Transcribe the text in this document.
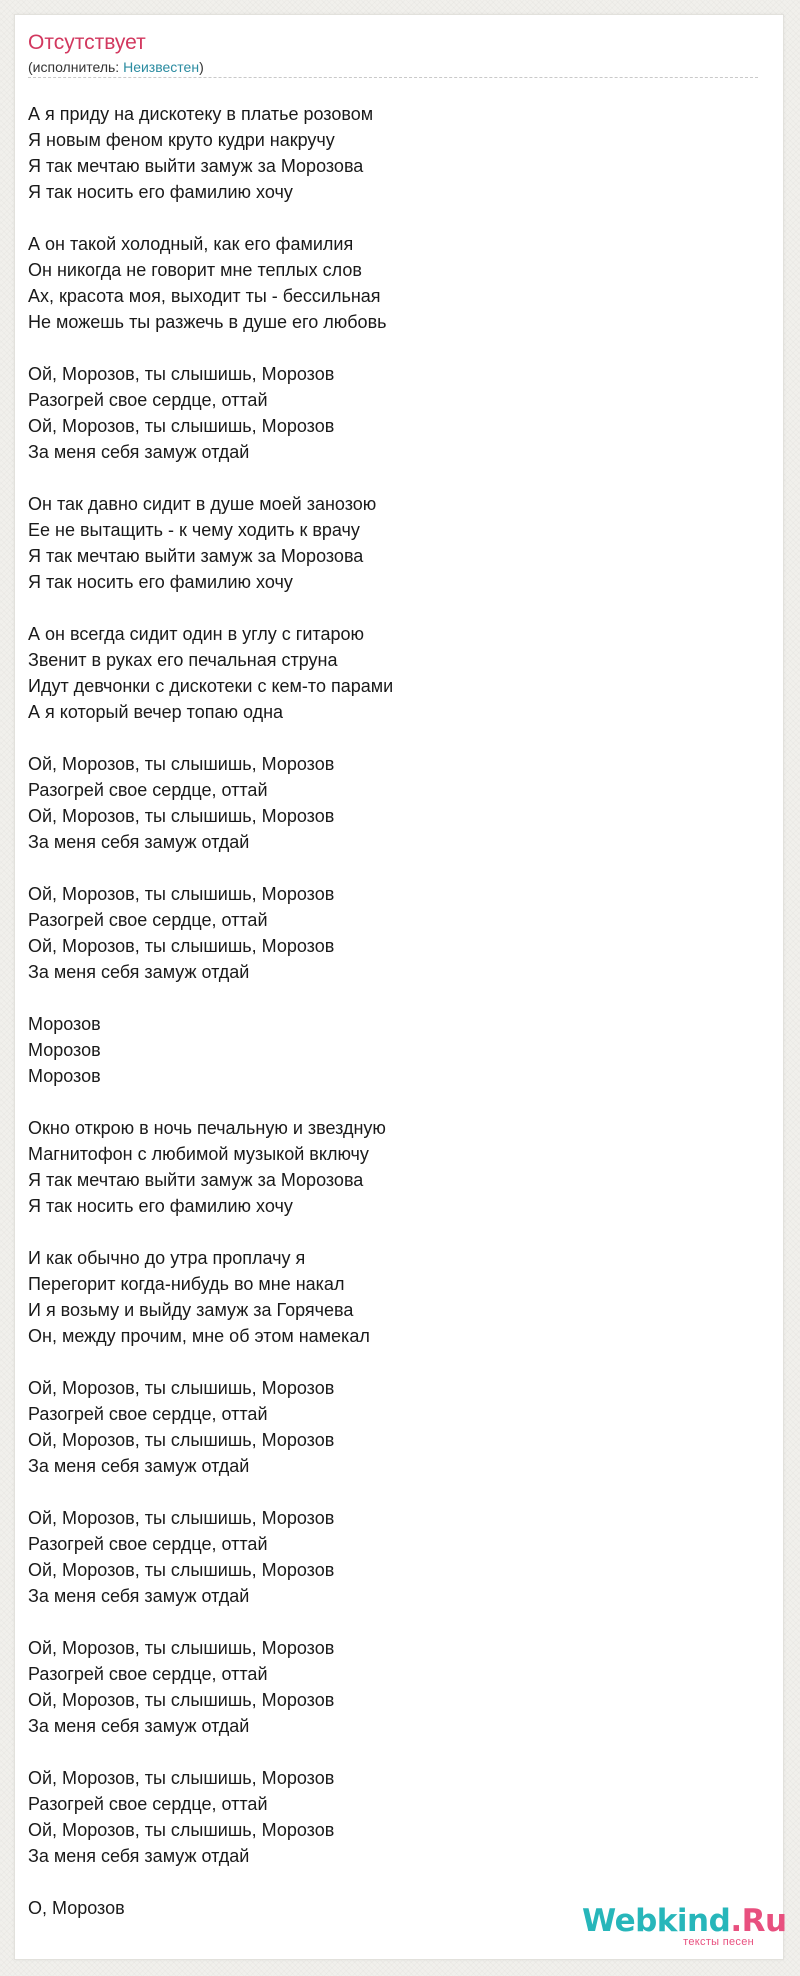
Отсутствует
(исполнитель: Неизвестен)
А я приду на дискотеку в платье розовом
Я новым феном круто кудри накручу
Я так мечтаю выйти замуж за Морозова
Я так носить его фамилию хочу
А он такой холодный, как его фамилия
Он никогда не говорит мне теплых слов
Ах, красота моя, выходит ты - бессильная
Не можешь ты разжечь в душе его любовь
Ой, Морозов, ты слышишь, Морозов
Разогрей свое сердце, оттай
Ой, Морозов, ты слышишь, Морозов
За меня себя замуж отдай
Он так давно сидит в душе моей занозою
Ее не вытащить - к чему ходить к врачу
Я так мечтаю выйти замуж за Морозова
Я так носить его фамилию хочу
А он всегда сидит один в углу с гитарою
Звенит в руках его печальная струна
Идут девчонки с дискотеки с кем-то парами
А я который вечер топаю одна
Ой, Морозов, ты слышишь, Морозов
Разогрей свое сердце, оттай
Ой, Морозов, ты слышишь, Морозов
За меня себя замуж отдай
Ой, Морозов, ты слышишь, Морозов
Разогрей свое сердце, оттай
Ой, Морозов, ты слышишь, Морозов
За меня себя замуж отдай
Морозов
Морозов
Морозов
Окно открою в ночь печальную и звездную
Магнитофон с любимой музыкой включу
Я так мечтаю выйти замуж за Морозова
Я так носить его фамилию хочу
И как обычно до утра проплачу я
Перегорит когда-нибудь во мне накал
И я возьму и выйду замуж за Горячева
Он, между прочим, мне об этом намекал
Ой, Морозов, ты слышишь, Морозов
Разогрей свое сердце, оттай
Ой, Морозов, ты слышишь, Морозов
За меня себя замуж отдай
Ой, Морозов, ты слышишь, Морозов
Разогрей свое сердце, оттай
Ой, Морозов, ты слышишь, Морозов
За меня себя замуж отдай
Ой, Морозов, ты слышишь, Морозов
Разогрей свое сердце, оттай
Ой, Морозов, ты слышишь, Морозов
За меня себя замуж отдай
Ой, Морозов, ты слышишь, Морозов
Разогрей свое сердце, оттай
Ой, Морозов, ты слышишь, Морозов
За меня себя замуж отдай
О, Морозов	Webkind.Ru
тексты песен
